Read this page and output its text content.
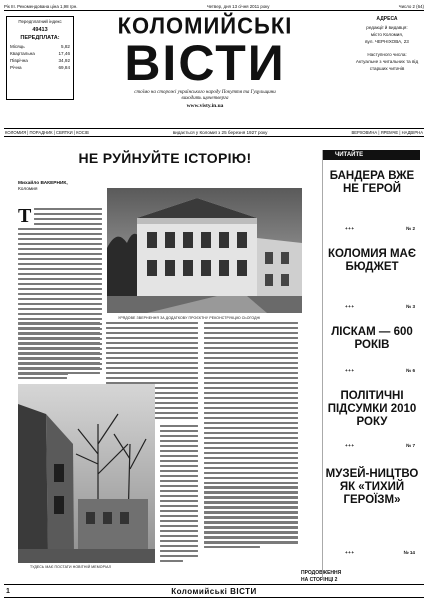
Рік III. Рекомендована ціна 1,98 грн.	Четвер, дня 13 січня 2011 року	Число 2 (64)
Передплатний індекс
49413
ПЕРЕДПЛАТА:
Місяць	5,82
Квартальна	17,46
Піврічна	34,92
Річна	69,84
КОЛОМИЙСЬКІ
ВІСТИ
стоїмо на сторожі українського народу Покуття та Гуцульщини
виходить щочетверга
www.visty.in.ua
АДРЕСА
редакції й видавця:
місто Коломия,
вул. ЧЕРНІХОВА, 23
Наступного числа:
Актуальне з читальних та від старших читачів
КОЛОМИЯ | ПОРАДНИК | СВЯТКИ | КОСІВ	видається у Коломиї з 25 березня 1927 року	ВЕРХОВИНА | ЯРЕМЧЕ | НАДВІРНА
НЕ РУЙНУЙТЕ ІСТОРІЮ!
Михайло ВАКЕРНИК,
Коломия
Т
УРЯДОВЕ ЗВЕРНЕННЯ ЗА ДОДАТКОВУ ПРОЄКТНУ РЕКОНСТРУКЦІЮ СЬОГОДНІ
ТУДЕСЬ МАЄ ПОСТАТИ НОВІТНІЙ МЕМОРІАЛ
ПРОДОВЖЕННЯ
НА СТОРІНЦІ 2
ЧИТАЙТЕ
БАНДЕРА ВЖЕ НЕ ГЕРОЙ
+++	№ 2
КОЛОМИЯ МАЄ БЮДЖЕТ
+++	№ 3
ЛІСКАМ — 600 РОКІВ
+++	№ 6
ПОЛІТИЧНІ ПІДСУМКИ 2010 РОКУ
+++	№ 7
МУЗЕЙ-НИЦТВО ЯК «ТИХИЙ ГЕРОЇЗМ»
+++	№ 14
1	Коломийські ВІСТИ
